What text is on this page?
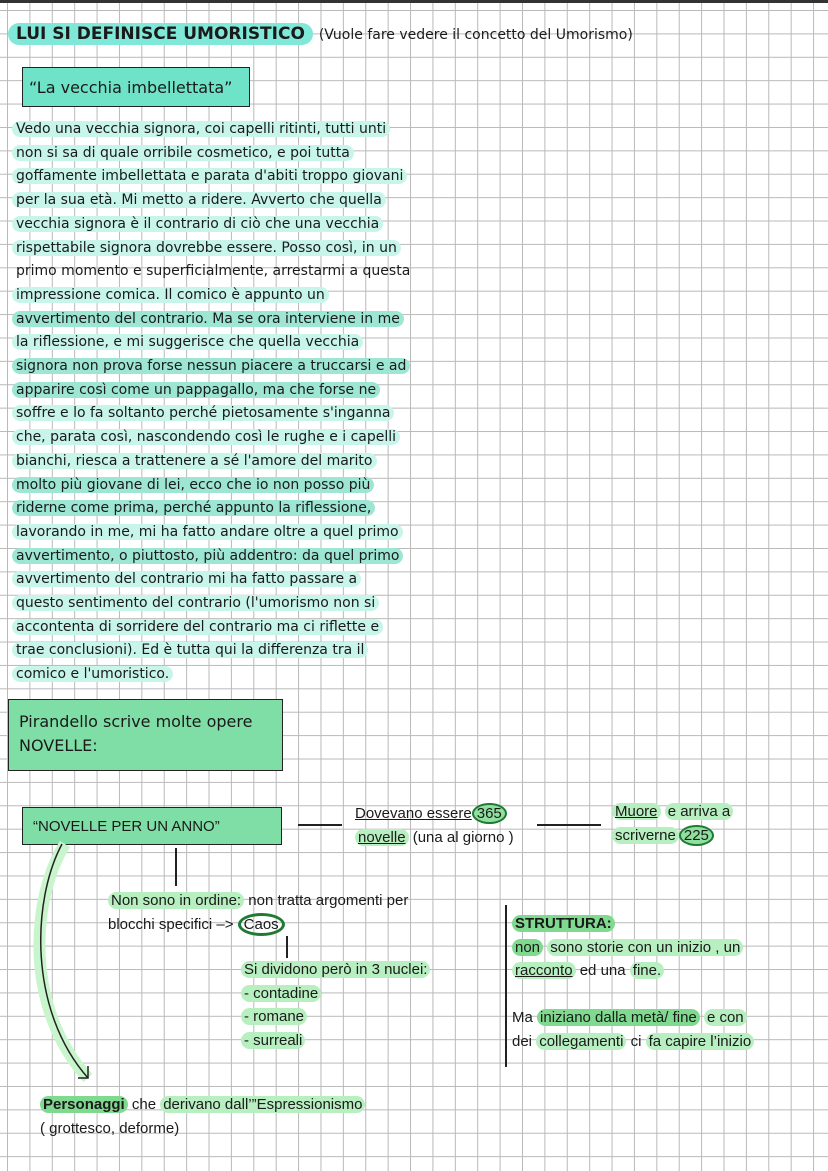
LUI SI DEFINISCE UMORISTICO (Vuole fare vedere il concetto del Umorismo)
“La vecchia imbellettata”
Vedo una vecchia signora, coi capelli ritinti, tutti unti
non si sa di quale orribile cosmetico, e poi tutta
goffamente imbellettata e parata d'abiti troppo giovani
per la sua età. Mi metto a ridere. Avverto che quella
vecchia signora è il contrario di ciò che una vecchia
rispettabile signora dovrebbe essere. Posso così, in un
primo momento e superficialmente, arrestarmi a questa
impressione comica. Il comico è appunto un
avvertimento del contrario. Ma se ora interviene in me
la riflessione, e mi suggerisce che quella vecchia
signora non prova forse nessun piacere a truccarsi e ad
apparire così come un pappagallo, ma che forse ne
soffre e lo fa soltanto perché pietosamente s'inganna
che, parata così, nascondendo così le rughe e i capelli
bianchi, riesca a trattenere a sé l'amore del marito
molto più giovane di lei, ecco che io non posso più
riderne come prima, perché appunto la riflessione,
lavorando in me, mi ha fatto andare oltre a quel primo
avvertimento, o piuttosto, più addentro: da quel primo
avvertimento del contrario mi ha fatto passare a
questo sentimento del contrario (l'umorismo non si
accontenta di sorridere del contrario ma ci riflette e
trae conclusioni). Ed è tutta qui la differenza tra il
comico e l'umoristico.
Pirandello scrive molte opere
NOVELLE:
“NOVELLE PER UN ANNO”
Dovevano essere 365
novelle (una al giorno )
Muore e arriva a
scriverne 225
Non sono in ordine: non tratta argomenti per
blocchi specifici –> Caos
Si dividono però in 3 nuclei:
- contadine
- romane
- surreali
STRUTTURA:
non sono storie con un inizio , un
racconto ed una fine.
Ma iniziano dalla metà/ fine e con
dei collegamenti ci fa capire l’inizio
Personaggi che derivano dall’”Espressionismo
( grottesco, deforme)
